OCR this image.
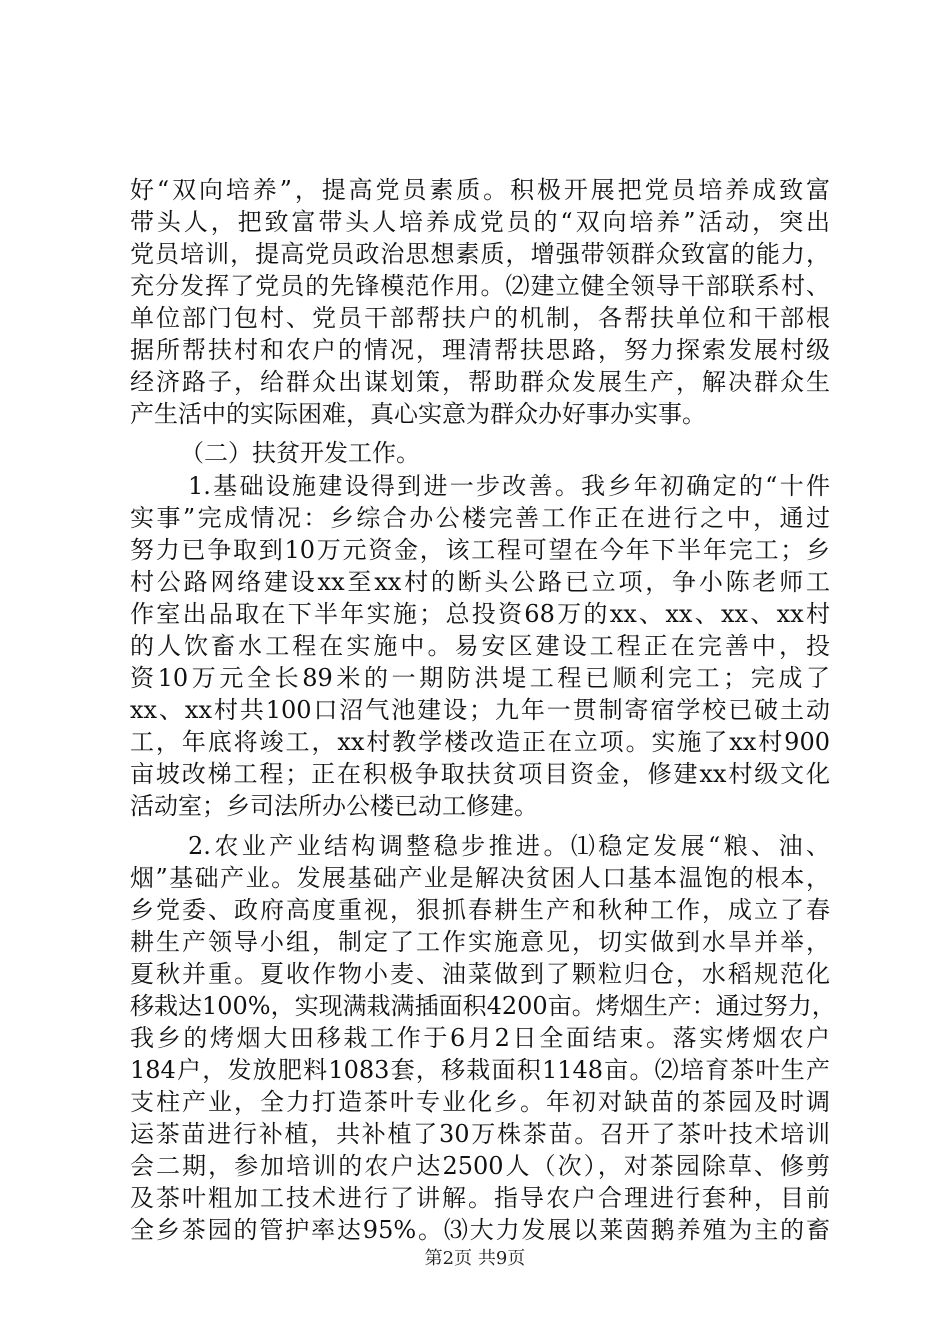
好“双向培养”，提高党员素质。积极开展把党员培养成致富
带头人，把致富带头人培养成党员的“双向培养”活动，突出
党员培训，提高党员政治思想素质，增强带领群众致富的能力，
充分发挥了党员的先锋模范作用。⑵建立健全领导干部联系村、
单位部门包村、党员干部帮扶户的机制，各帮扶单位和干部根
据所帮扶村和农户的情况，理清帮扶思路，努力探索发展村级
经济路子，给群众出谋划策，帮助群众发展生产，解决群众生
产生活中的实际困难，真心实意为群众办好事办实事。
（二）扶贫开发工作。
1.基础设施建设得到进一步改善。我乡年初确定的“十件
实事”完成情况：乡综合办公楼完善工作正在进行之中，通过
努力已争取到10万元资金，该工程可望在今年下半年完工；乡
村公路网络建设xx至xx村的断头公路已立项，争小陈老师工
作室出品取在下半年实施；总投资68万的xx、xx、xx、xx村
的人饮畜水工程在实施中。易安区建设工程正在完善中，投
资10万元全长89米的一期防洪堤工程已顺利完工；完成了
xx、xx村共100口沼气池建设；九年一贯制寄宿学校已破土动
工，年底将竣工，xx村教学楼改造正在立项。实施了xx村900
亩坡改梯工程；正在积极争取扶贫项目资金，修建xx村级文化
活动室；乡司法所办公楼已动工修建。
2.农业产业结构调整稳步推进。⑴稳定发展“粮、油、
烟”基础产业。发展基础产业是解决贫困人口基本温饱的根本，
乡党委、政府高度重视，狠抓春耕生产和秋种工作，成立了春
耕生产领导小组，制定了工作实施意见，切实做到水旱并举，
夏秋并重。夏收作物小麦、油菜做到了颗粒归仓，水稻规范化
移栽达100%，实现满栽满插面积4200亩。烤烟生产：通过努力，
我乡的烤烟大田移栽工作于6月2日全面结束。落实烤烟农户
184户，发放肥料1083套，移栽面积1148亩。⑵培育茶叶生产
支柱产业，全力打造茶叶专业化乡。年初对缺苗的茶园及时调
运茶苗进行补植，共补植了30万株茶苗。召开了茶叶技术培训
会二期，参加培训的农户达2500人（次），对茶园除草、修剪
及茶叶粗加工技术进行了讲解。指导农户合理进行套种，目前
全乡茶园的管护率达95%。⑶大力发展以莱茵鹅养殖为主的畜
第2页 共9页
